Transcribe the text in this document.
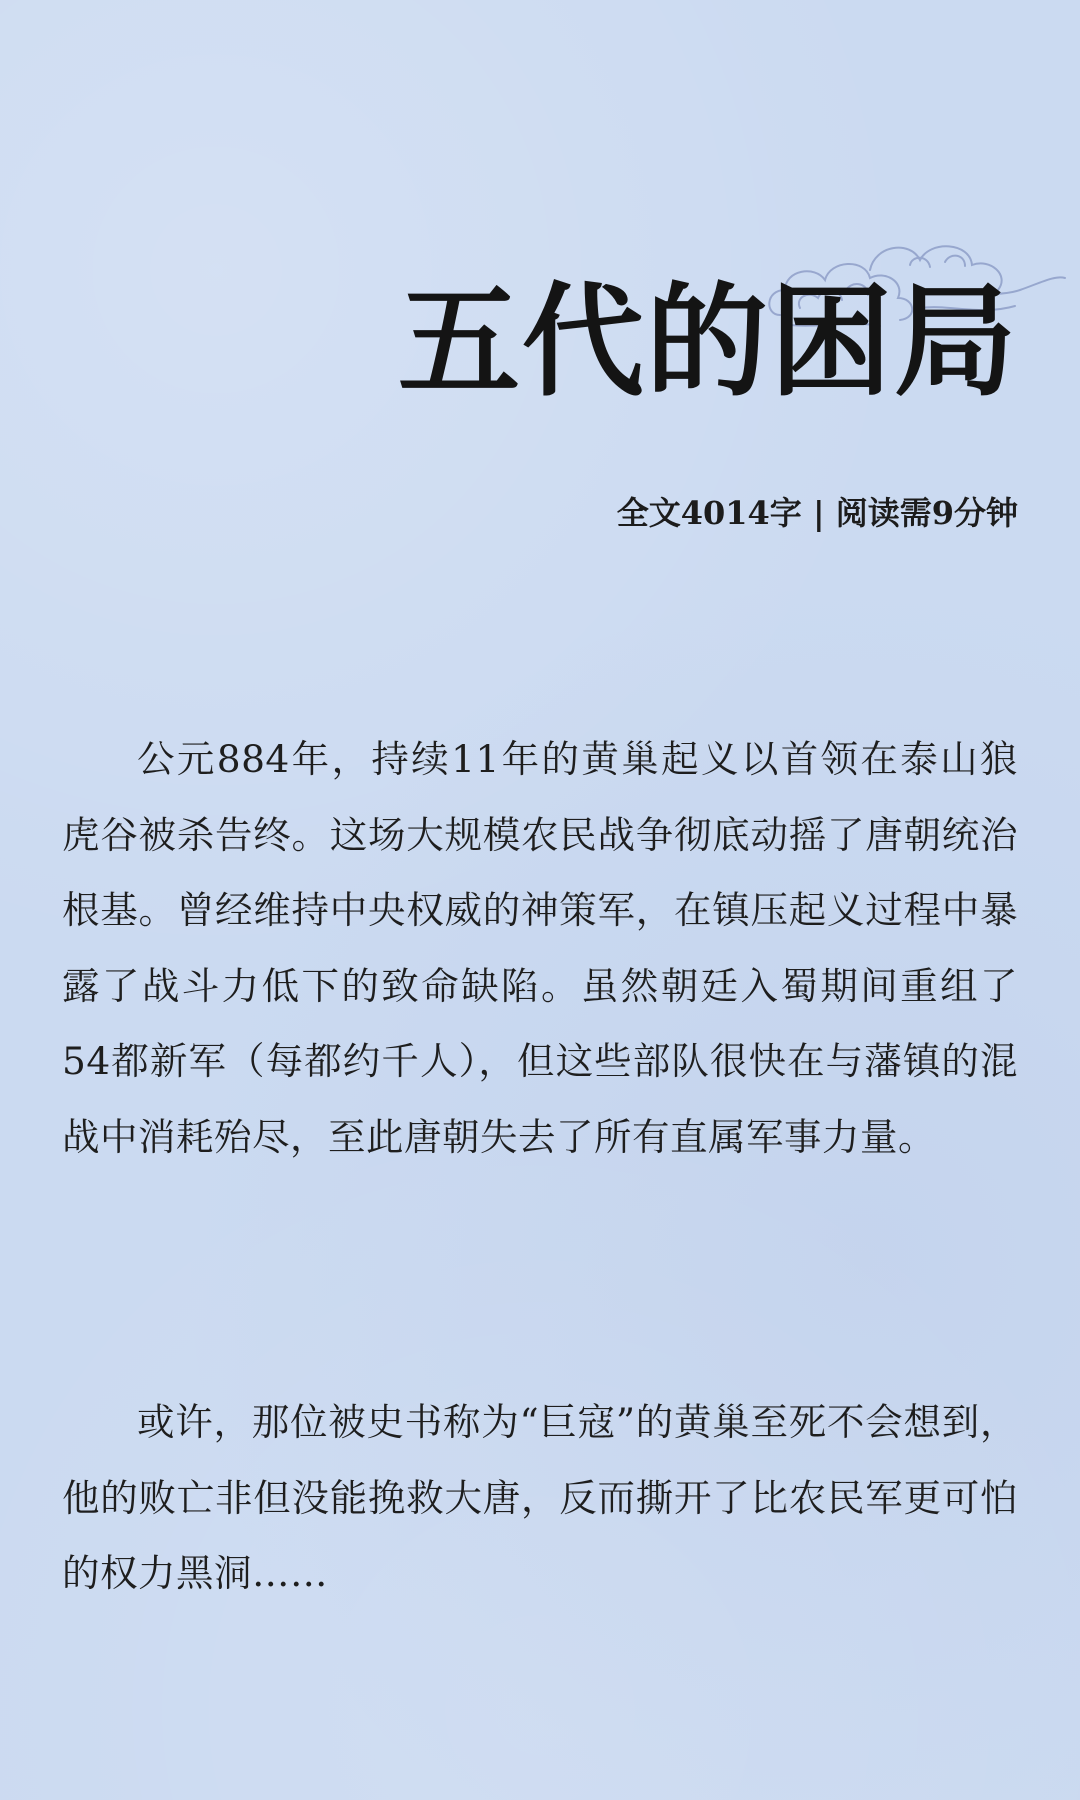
五代的困局
全文4014字 | 阅读需9分钟

公元884年，持续11年的黄巢起义以首领在泰山狼虎谷被杀告终。这场大规模农民战争彻底动摇了唐朝统治根基。曾经维持中央权威的神策军，在镇压起义过程中暴露了战斗力低下的致命缺陷。虽然朝廷入蜀期间重组了54都新军（每都约千人），但这些部队很快在与藩镇的混战中消耗殆尽，至此唐朝失去了所有直属军事力量。

或许，那位被史书称为“巨寇”的黄巢至死不会想到，他的败亡非但没能挽救大唐，反而撕开了比农民军更可怕的权力黑洞……
